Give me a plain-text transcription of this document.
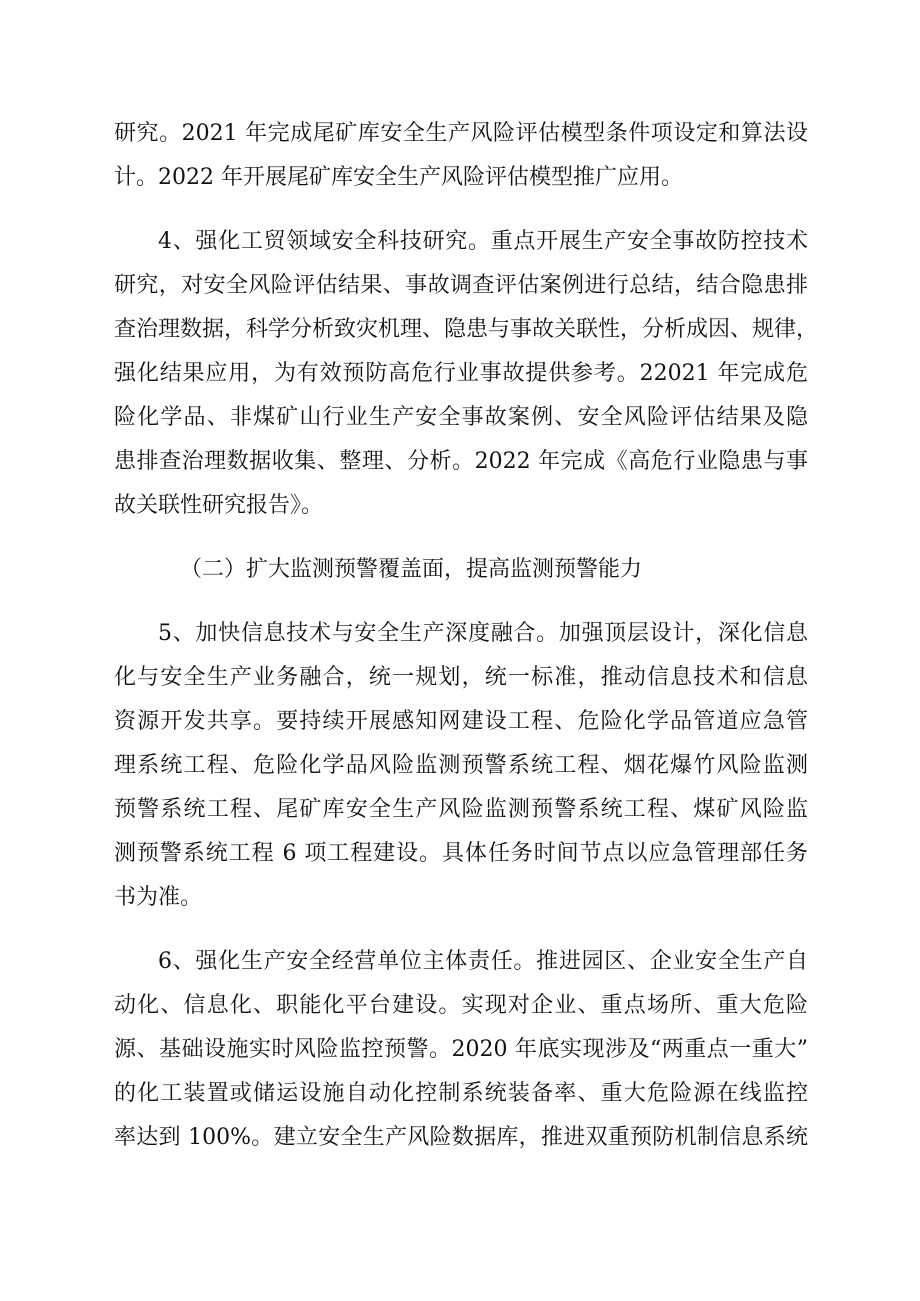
研究。2021 年完成尾矿库安全生产风险评估模型条件项设定和算法设
计。2022 年开展尾矿库安全生产风险评估模型推广应用。
4、强化工贸领域安全科技研究。重点开展生产安全事故防控技术
研究，对安全风险评估结果、事故调查评估案例进行总结，结合隐患排
查治理数据，科学分析致灾机理、隐患与事故关联性，分析成因、规律，
强化结果应用，为有效预防高危行业事故提供参考。22021 年完成危
险化学品、非煤矿山行业生产安全事故案例、安全风险评估结果及隐
患排查治理数据收集、整理、分析。2022 年完成《高危行业隐患与事
故关联性研究报告》。
（二）扩大监测预警覆盖面，提高监测预警能力
5、加快信息技术与安全生产深度融合。加强顶层设计，深化信息
化与安全生产业务融合，统一规划，统一标准，推动信息技术和信息
资源开发共享。要持续开展感知网建设工程、危险化学品管道应急管
理系统工程、危险化学品风险监测预警系统工程、烟花爆竹风险监测
预警系统工程、尾矿库安全生产风险监测预警系统工程、煤矿风险监
测预警系统工程 6 项工程建设。具体任务时间节点以应急管理部任务
书为准。
6、强化生产安全经营单位主体责任。推进园区、企业安全生产自
动化、信息化、职能化平台建设。实现对企业、重点场所、重大危险
源、基础设施实时风险监控预警。2020 年底实现涉及“两重点一重大”
的化工装置或储运设施自动化控制系统装备率、重大危险源在线监控
率达到 100%。建立安全生产风险数据库，推进双重预防机制信息系统
